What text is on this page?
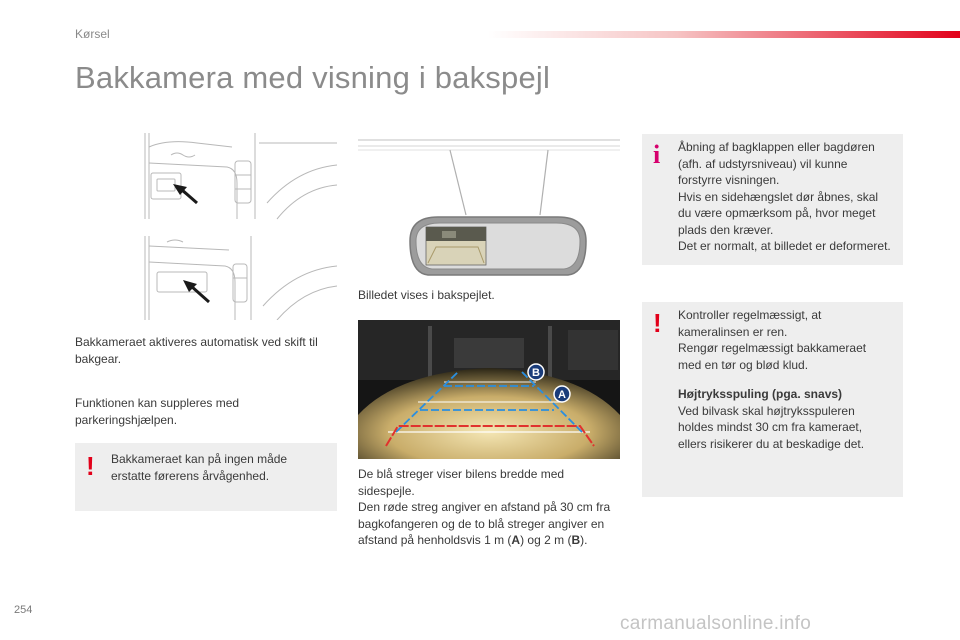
Kørsel
Bakkamera med visning i bakspejl
Bakkameraet aktiveres automatisk ved skift til bakgear.
Funktionen kan suppleres med parkeringshjælpen.
! Bakkameraet kan på ingen måde erstatte førerens årvågenhed.
Billedet vises i bakspejlet.
B
A
De blå streger viser bilens bredde med
sidespejle.
Den røde streg angiver en afstand på 30 cm fra
bagkofangeren og de to blå streger angiver en
afstand på henholdsvis 1 m (A) og 2 m (B).
i Åbning af bagklappen eller bagdøren
(afh. af udstyrsniveau) vil kunne
forstyrre visningen.
Hvis en sidehængslet dør åbnes, skal
du være opmærksom på, hvor meget
plads den kræver.
Det er normalt, at billedet er deformeret.
! Kontroller regelmæssigt, at
kameralinsen er ren.
Rengør regelmæssigt bakkameraet
med en tør og blød klud.
Højtryksspuling (pga. snavs)
Ved bilvask skal højtryksspuleren
holdes mindst 30 cm fra kameraet,
ellers risikerer du at beskadige det.
254
carmanualsonline.info
